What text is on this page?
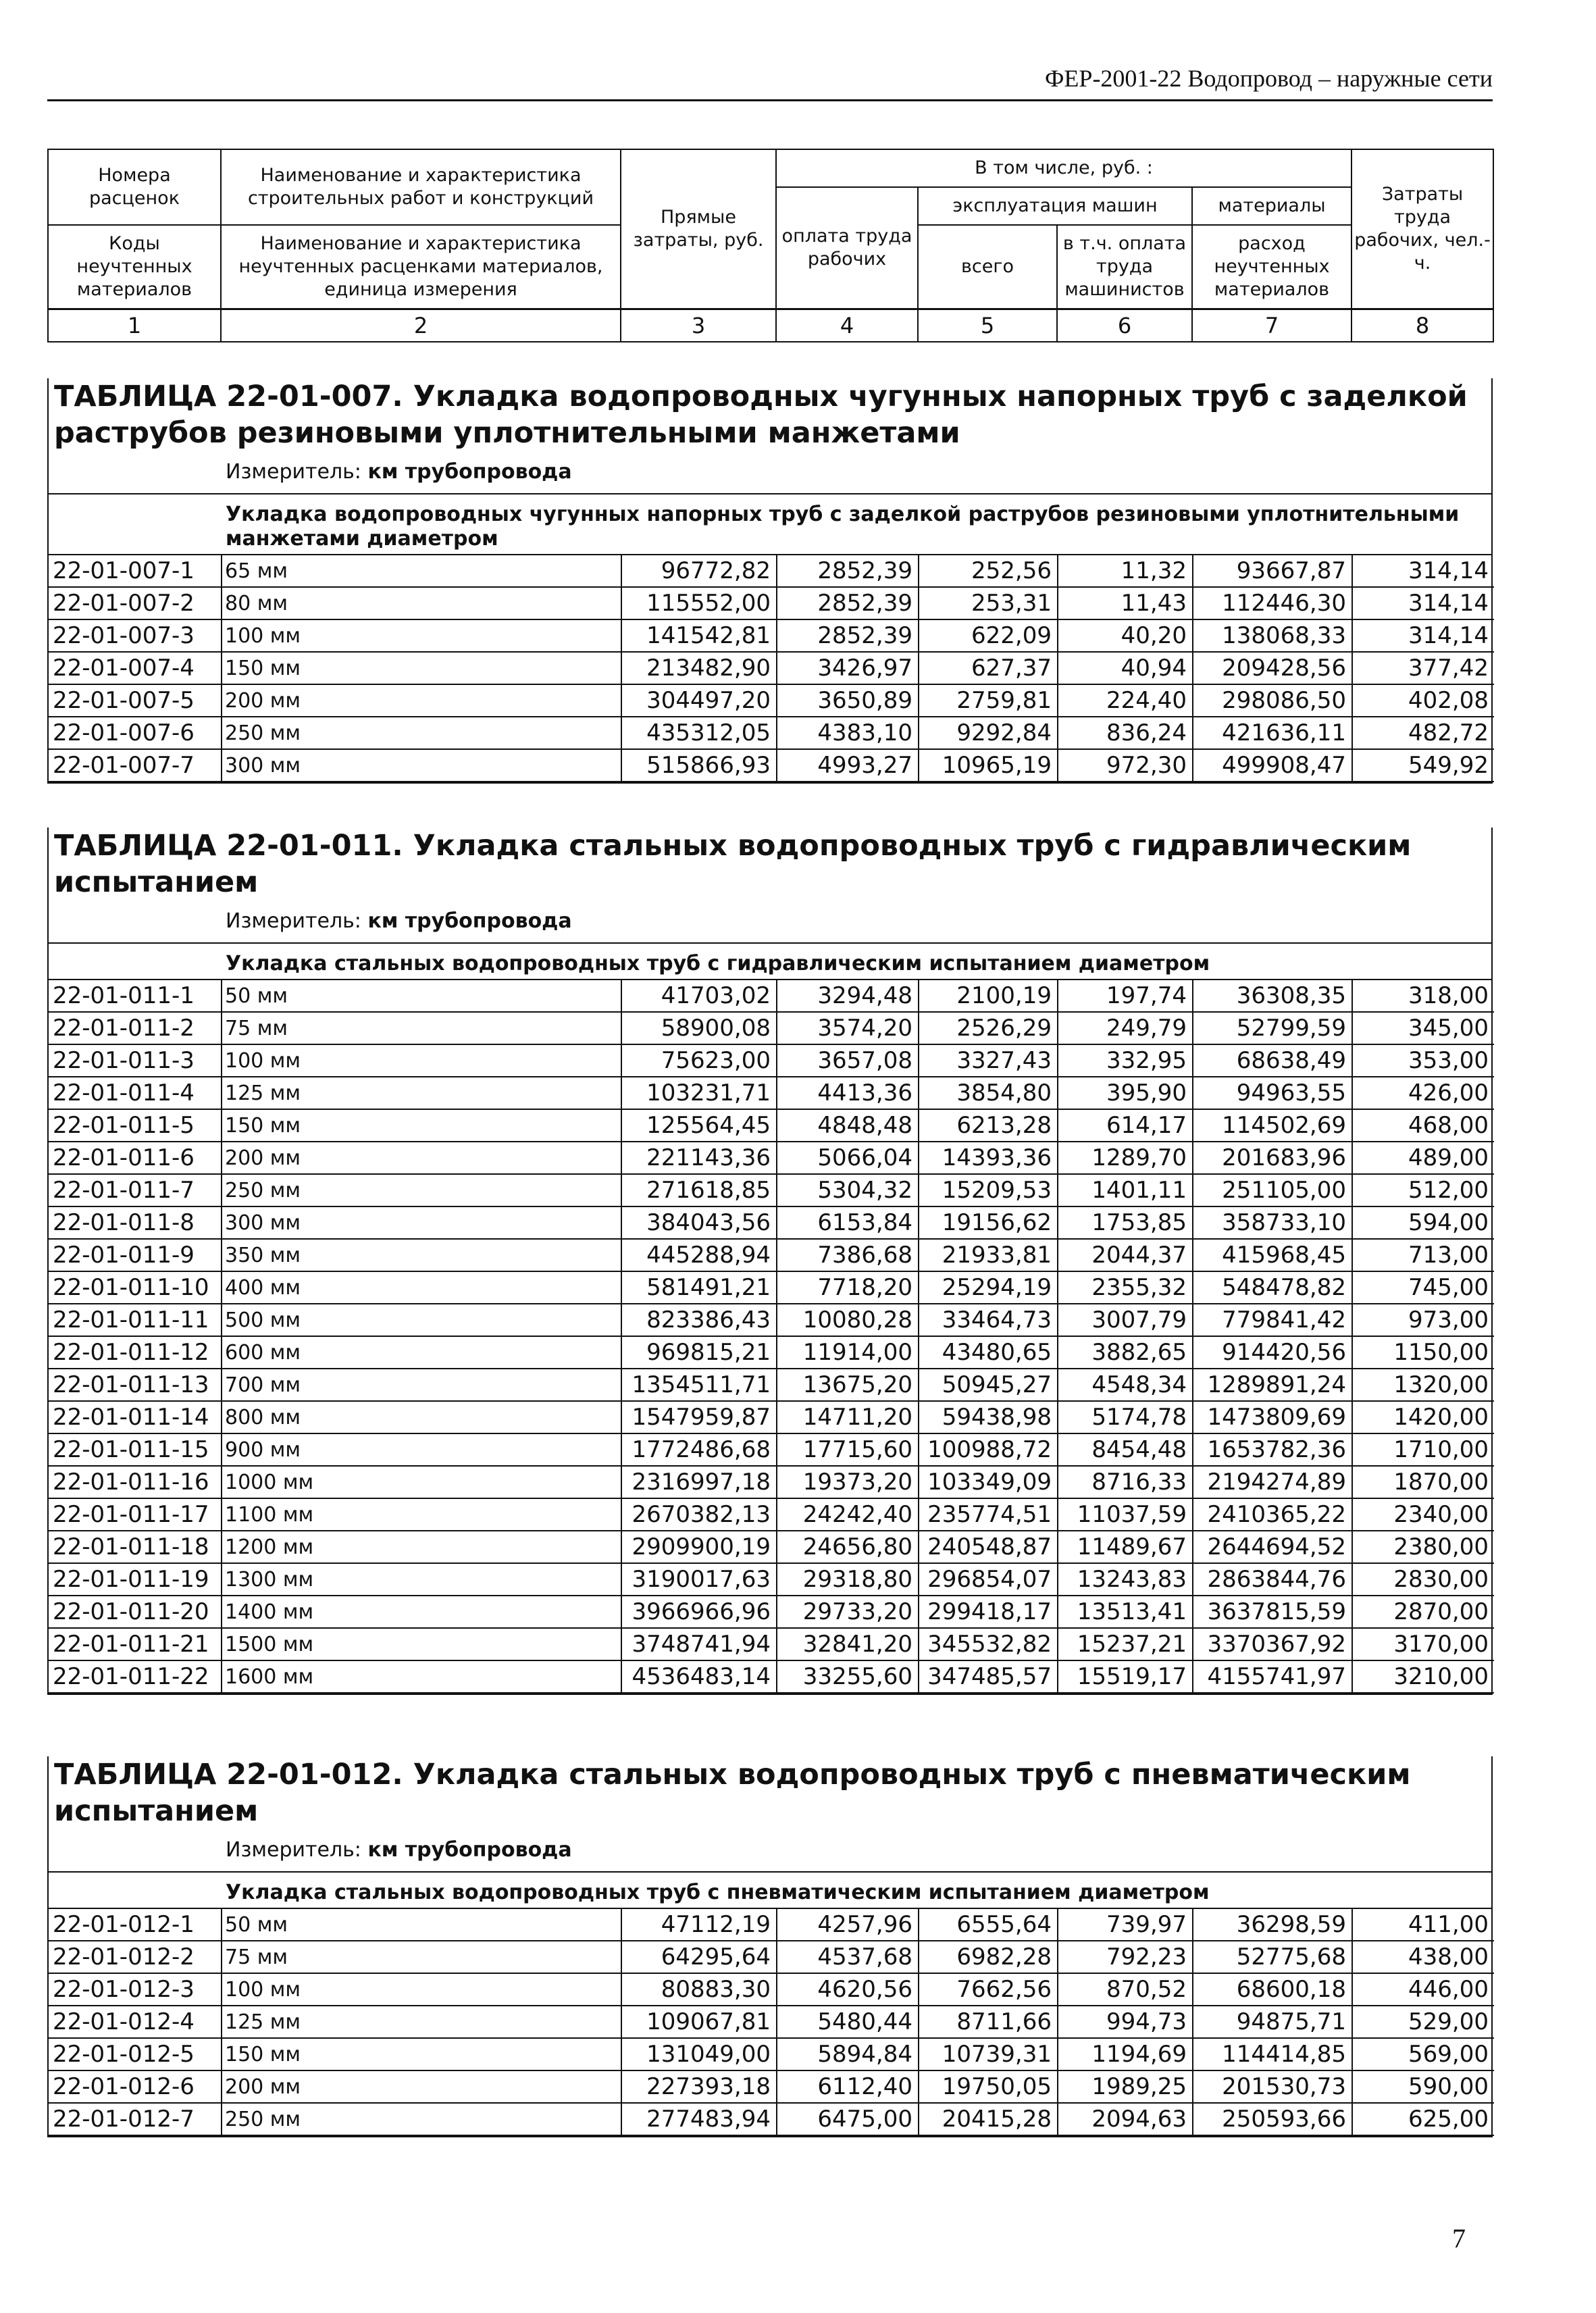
ФЕР-2001-22 Водопровод – наружные сети
Номера расценок	Наименование и характеристика строительных работ и конструкций	Прямые затраты, руб.	В том числе, руб. :				Затраты труда рабочих, чел.-ч.
			оплата труда рабочих	эксплуатация машин		материалы	
Коды неучтенных материалов	Наименование и характеристика неучтенных расценками материалов, единица измерения			всего	в т.ч. оплата труда машинистов	расход неучтенных материалов	

1	2	3	4	5	6	7	8
ТАБЛИЦА 22-01-007. Укладка водопроводных чугунных напорных труб с заделкой раструбов резиновыми уплотнительными манжетами
Измеритель: км трубопровода
Укладка водопроводных чугунных напорных труб с заделкой раструбов резиновыми уплотнительными манжетами диаметром
22-01-007-1	65 мм	96772,82	2852,39	252,56	11,32	93667,87	314,14
22-01-007-2	80 мм	115552,00	2852,39	253,31	11,43	112446,30	314,14
22-01-007-3	100 мм	141542,81	2852,39	622,09	40,20	138068,33	314,14
22-01-007-4	150 мм	213482,90	3426,97	627,37	40,94	209428,56	377,42
22-01-007-5	200 мм	304497,20	3650,89	2759,81	224,40	298086,50	402,08
22-01-007-6	250 мм	435312,05	4383,10	9292,84	836,24	421636,11	482,72
22-01-007-7	300 мм	515866,93	4993,27	10965,19	972,30	499908,47	549,92
ТАБЛИЦА 22-01-011. Укладка стальных водопроводных труб с гидравлическим испытанием
Измеритель: км трубопровода
Укладка стальных водопроводных труб с гидравлическим испытанием диаметром
22-01-011-1	50 мм	41703,02	3294,48	2100,19	197,74	36308,35	318,00
22-01-011-2	75 мм	58900,08	3574,20	2526,29	249,79	52799,59	345,00
22-01-011-3	100 мм	75623,00	3657,08	3327,43	332,95	68638,49	353,00
22-01-011-4	125 мм	103231,71	4413,36	3854,80	395,90	94963,55	426,00
22-01-011-5	150 мм	125564,45	4848,48	6213,28	614,17	114502,69	468,00
22-01-011-6	200 мм	221143,36	5066,04	14393,36	1289,70	201683,96	489,00
22-01-011-7	250 мм	271618,85	5304,32	15209,53	1401,11	251105,00	512,00
22-01-011-8	300 мм	384043,56	6153,84	19156,62	1753,85	358733,10	594,00
22-01-011-9	350 мм	445288,94	7386,68	21933,81	2044,37	415968,45	713,00
22-01-011-10	400 мм	581491,21	7718,20	25294,19	2355,32	548478,82	745,00
22-01-011-11	500 мм	823386,43	10080,28	33464,73	3007,79	779841,42	973,00
22-01-011-12	600 мм	969815,21	11914,00	43480,65	3882,65	914420,56	1150,00
22-01-011-13	700 мм	1354511,71	13675,20	50945,27	4548,34	1289891,24	1320,00
22-01-011-14	800 мм	1547959,87	14711,20	59438,98	5174,78	1473809,69	1420,00
22-01-011-15	900 мм	1772486,68	17715,60	100988,72	8454,48	1653782,36	1710,00
22-01-011-16	1000 мм	2316997,18	19373,20	103349,09	8716,33	2194274,89	1870,00
22-01-011-17	1100 мм	2670382,13	24242,40	235774,51	11037,59	2410365,22	2340,00
22-01-011-18	1200 мм	2909900,19	24656,80	240548,87	11489,67	2644694,52	2380,00
22-01-011-19	1300 мм	3190017,63	29318,80	296854,07	13243,83	2863844,76	2830,00
22-01-011-20	1400 мм	3966966,96	29733,20	299418,17	13513,41	3637815,59	2870,00
22-01-011-21	1500 мм	3748741,94	32841,20	345532,82	15237,21	3370367,92	3170,00
22-01-011-22	1600 мм	4536483,14	33255,60	347485,57	15519,17	4155741,97	3210,00
ТАБЛИЦА 22-01-012. Укладка стальных водопроводных труб с пневматическим испытанием
Измеритель: км трубопровода
Укладка стальных водопроводных труб с пневматическим испытанием диаметром
22-01-012-1	50 мм	47112,19	4257,96	6555,64	739,97	36298,59	411,00
22-01-012-2	75 мм	64295,64	4537,68	6982,28	792,23	52775,68	438,00
22-01-012-3	100 мм	80883,30	4620,56	7662,56	870,52	68600,18	446,00
22-01-012-4	125 мм	109067,81	5480,44	8711,66	994,73	94875,71	529,00
22-01-012-5	150 мм	131049,00	5894,84	10739,31	1194,69	114414,85	569,00
22-01-012-6	200 мм	227393,18	6112,40	19750,05	1989,25	201530,73	590,00
22-01-012-7	250 мм	277483,94	6475,00	20415,28	2094,63	250593,66	625,00
7
